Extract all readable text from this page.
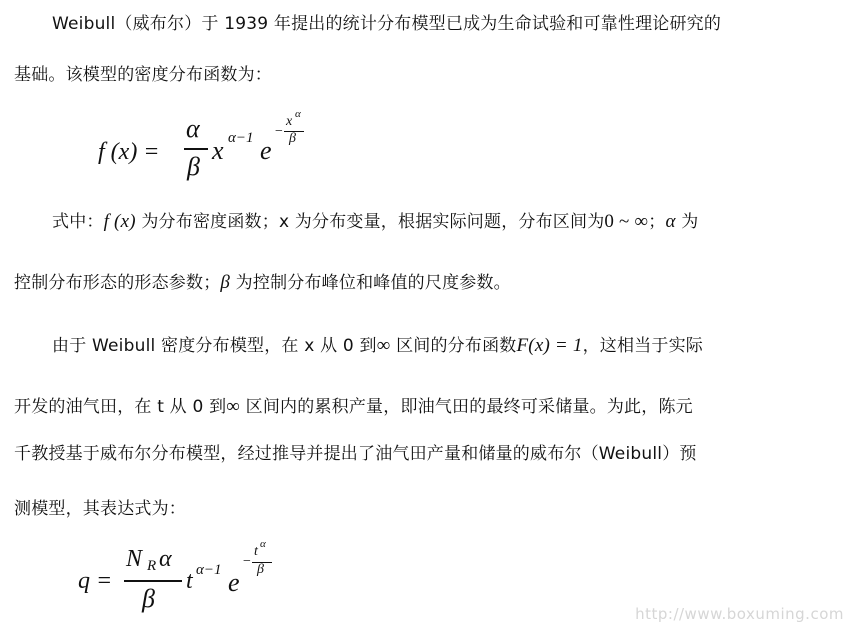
Weibull（威布尔）于 1939 年提出的统计分布模型已成为生命试验和可靠性理论研究的
基础。该模型的密度分布函数为：
f (x) =
α
β
x α−1 e
−
x α
β
式中：f (x) 为分布密度函数；x 为分布变量，根据实际问题，分布区间为0 ~ ∞；α 为
控制分布形态的形态参数；β 为控制分布峰位和峰值的尺度参数。
由于 Weibull 密度分布模型，在 x 从 0 到∞ 区间的分布函数F(x) = 1，这相当于实际
开发的油气田，在 t 从 0 到∞ 区间内的累积产量，即油气田的最终可采储量。为此，陈元
千教授基于威布尔分布模型，经过推导并提出了油气田产量和储量的威布尔（Weibull）预
测模型，其表达式为：
q =
N R α
β
t α−1 e
−
t α
β
http://www.boxuming.com
